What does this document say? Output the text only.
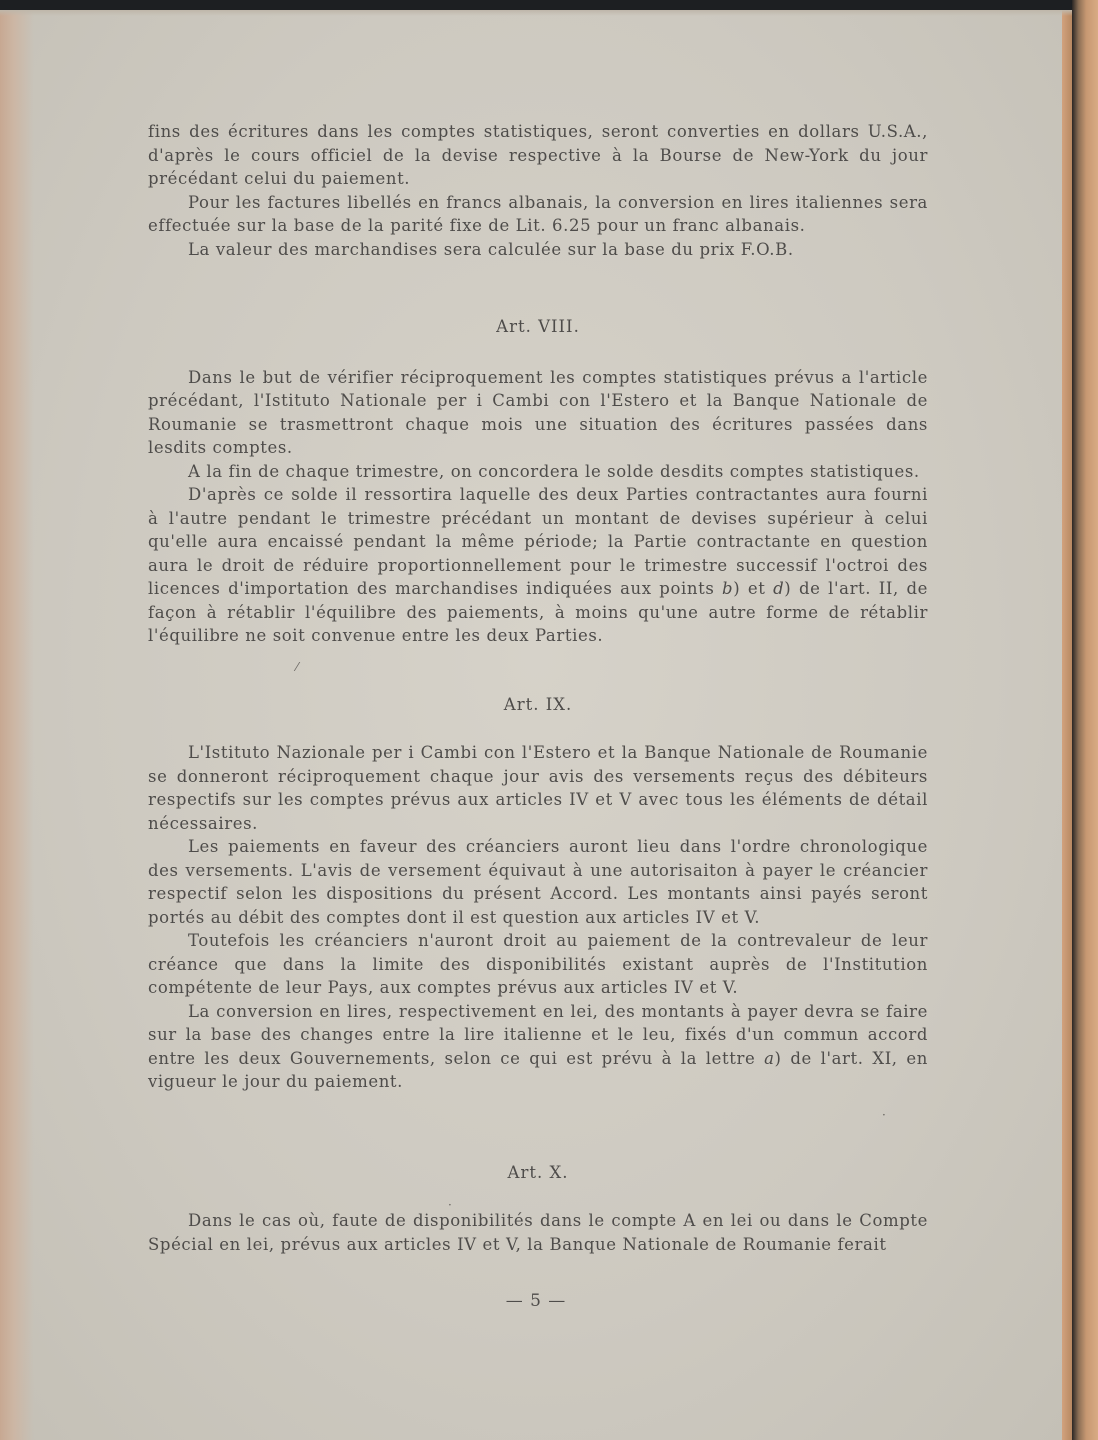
fins des écritures dans les comptes statistiques, seront converties en dollars U.S.A., d'après le cours officiel de la devise respective à la Bourse de New-York du jour précédant celui du paiement.

Pour les factures libellés en francs albanais, la conversion en lires italiennes sera effectuée sur la base de la parité fixe de Lit. 6.25 pour un franc albanais.

La valeur des marchandises sera calculée sur la base du prix F.O.B.

Art. VIII.

Dans le but de vérifier réciproquement les comptes statistiques prévus a l'article précédant, l'Istituto Nationale per i Cambi con l'Estero et la Banque Nationale de Roumanie se trasmettront chaque mois une situation des écritures passées dans lesdits comptes.

A la fin de chaque trimestre, on concordera le solde desdits comptes statistiques.

D'après ce solde il ressortira laquelle des deux Parties contractantes aura fourni à l'autre pendant le trimestre précédant un montant de devises supérieur à celui qu'elle aura encaissé pendant la même période; la Partie contractante en question aura le droit de réduire proportionnellement pour le trimestre successif l'octroi des licences d'importation des marchandises indiquées aux points b) et d) de l'art. II, de façon à rétablir l'équilibre des paiements, à moins qu'une autre forme de rétablir l'équilibre ne soit convenue entre les deux Parties.

Art. IX.

L'Istituto Nazionale per i Cambi con l'Estero et la Banque Nationale de Roumanie se donneront réciproquement chaque jour avis des versements reçus des débiteurs respectifs sur les comptes prévus aux articles IV et V avec tous les éléments de détail nécessaires.

Les paiements en faveur des créanciers auront lieu dans l'ordre chronologique des versements. L'avis de versement équivaut à une autorisaiton à payer le créancier respectif selon les dispositions du présent Accord. Les montants ainsi payés seront portés au débit des comptes dont il est question aux articles IV et V.

Toutefois les créanciers n'auront droit au paiement de la contrevaleur de leur créance que dans la limite des disponibilités existant auprès de l'Institution compétente de leur Pays, aux comptes prévus aux articles IV et V.

La conversion en lires, respectivement en lei, des montants à payer devra se faire sur la base des changes entre la lire italienne et le leu, fixés d'un commun accord entre les deux Gouvernements, selon ce qui est prévu à la lettre a) de l'art. XI, en vigueur le jour du paiement.

Art. X.

Dans le cas où, faute de disponibilités dans le compte A en lei ou dans le Compte Spécial en lei, prévus aux articles IV et V, la Banque Nationale de Roumanie ferait

⁄
·
·
— 5 —
